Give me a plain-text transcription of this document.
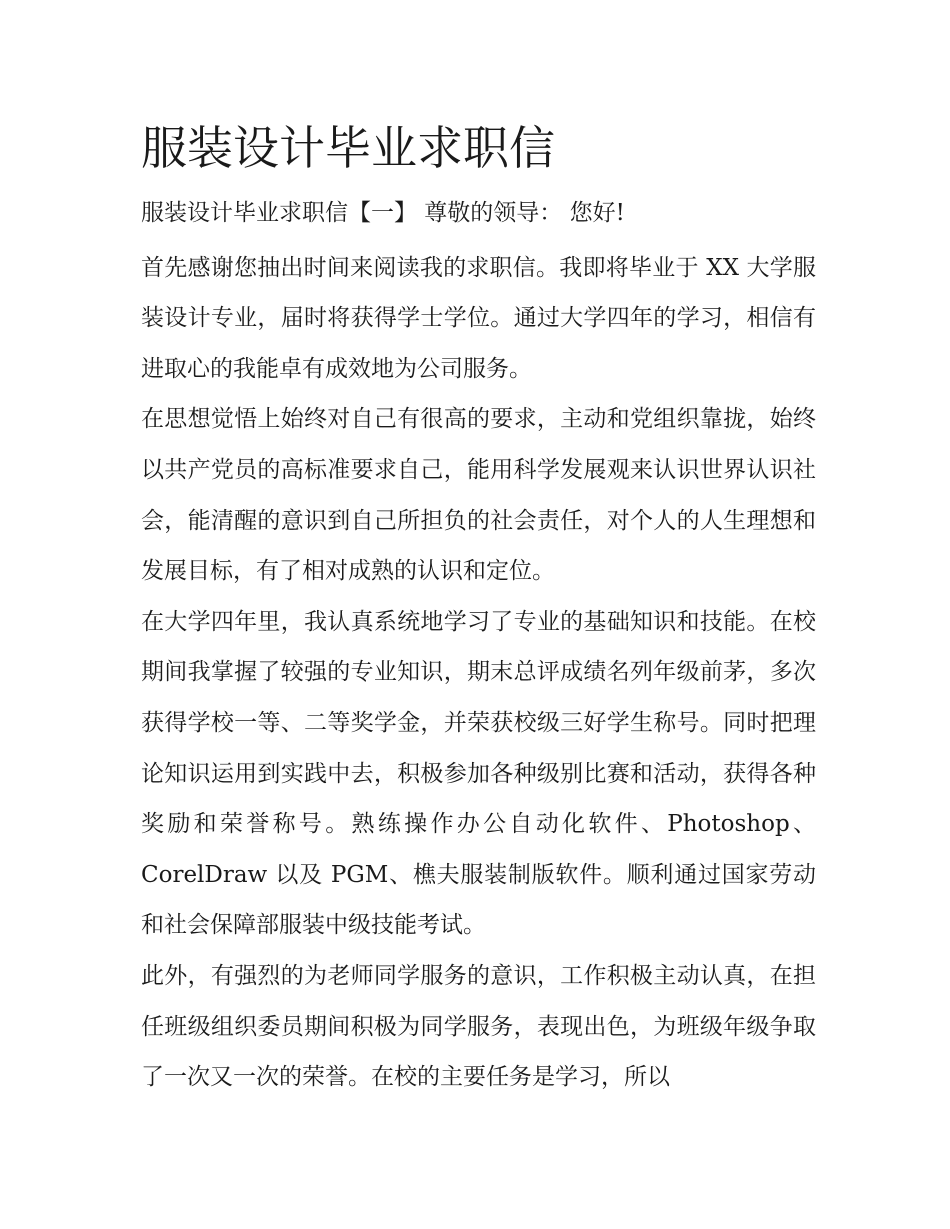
服装设计毕业求职信

服装设计毕业求职信【一】 尊敬的领导： 您好!

首先感谢您抽出时间来阅读我的求职信。我即将毕业于 XX 大学服装设计专业，届时将获得学士学位。通过大学四年的学习，相信有进取心的我能卓有成效地为公司服务。

在思想觉悟上始终对自己有很高的要求，主动和党组织靠拢，始终以共产党员的高标准要求自己，能用科学发展观来认识世界认识社会，能清醒的意识到自己所担负的社会责任，对个人的人生理想和发展目标，有了相对成熟的认识和定位。

在大学四年里，我认真系统地学习了专业的基础知识和技能。在校期间我掌握了较强的专业知识，期末总评成绩名列年级前茅，多次获得学校一等、二等奖学金，并荣获校级三好学生称号。同时把理论知识运用到实践中去，积极参加各种级别比赛和活动，获得各种奖励和荣誉称号。熟练操作办公自动化软件、Photoshop、CorelDraw 以及 PGM、樵夫服装制版软件。顺利通过国家劳动和社会保障部服装中级技能考试。

此外，有强烈的为老师同学服务的意识，工作积极主动认真，在担任班级组织委员期间积极为同学服务，表现出色，为班级年级争取了一次又一次的荣誉。在校的主要任务是学习，所以
